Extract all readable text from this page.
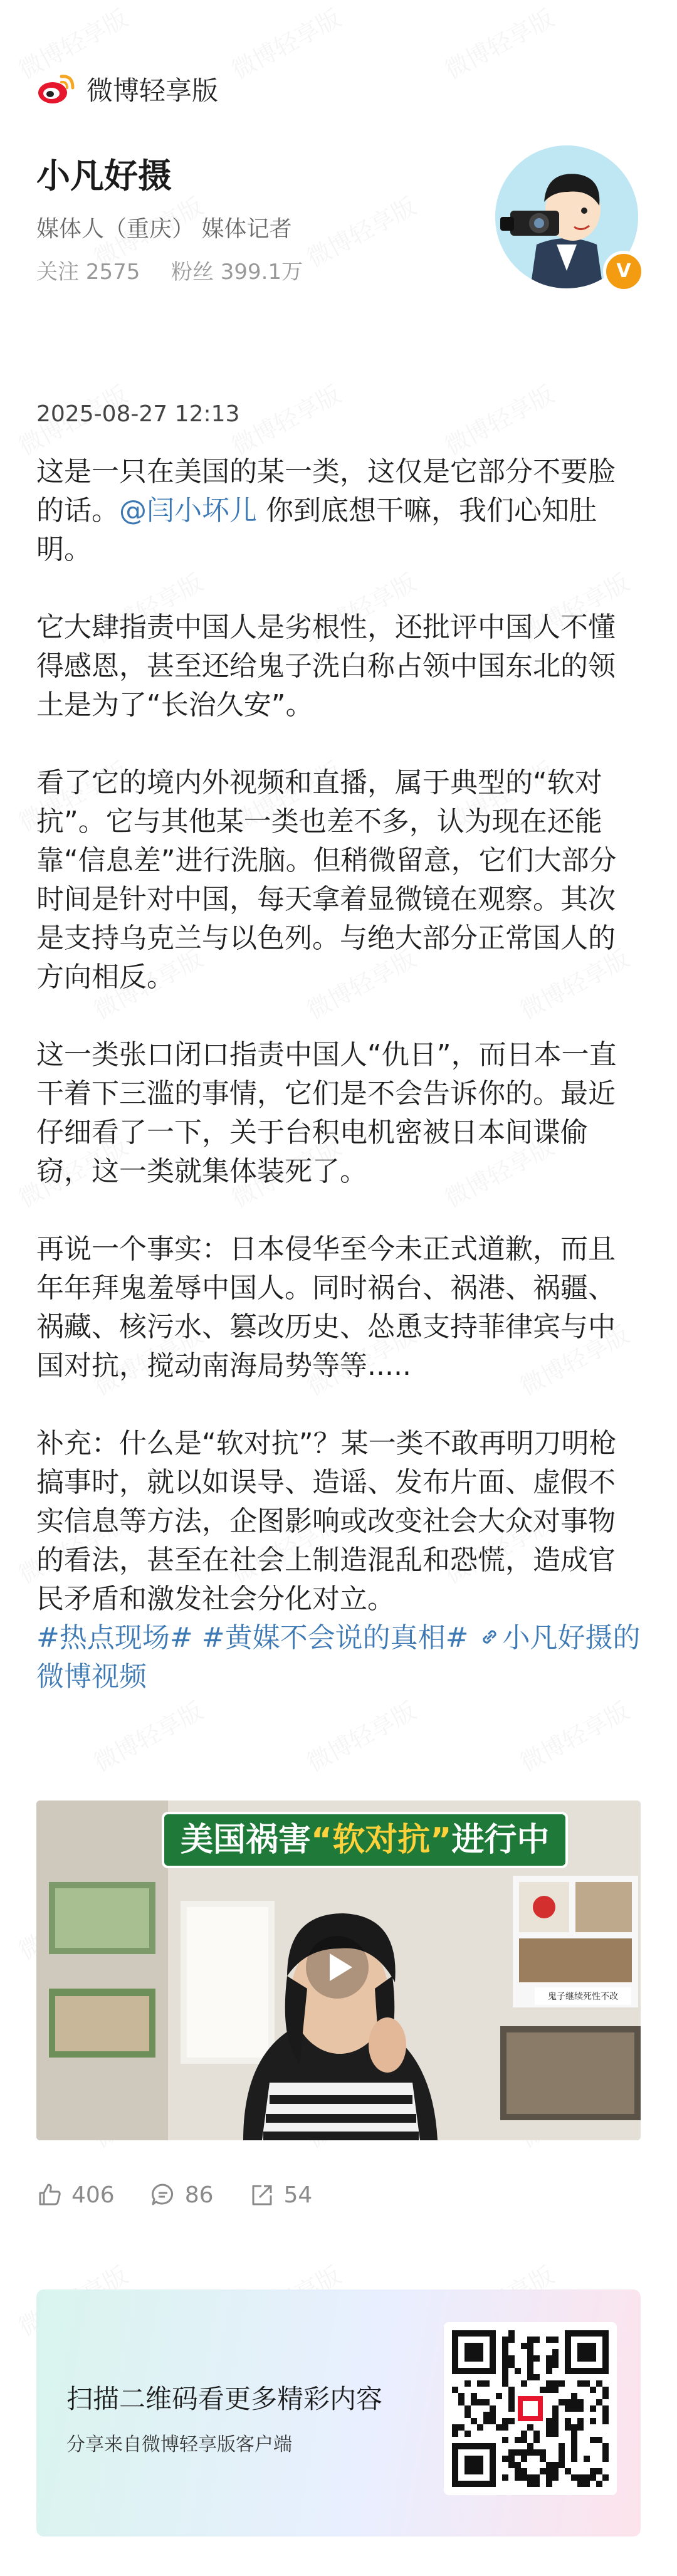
微博轻享版
小凡好摄
媒体人（重庆） 媒体记者
关注 2575 粉丝 399.1万	V
2025-08-27 12:13

这是一只在美国的某一类，这仅是它部分不要脸的话。@闫小坏儿 你到底想干嘛，我们心知肚明。

它大肆指责中国人是劣根性，还批评中国人不懂得感恩，甚至还给鬼子洗白称占领中国东北的领土是为了“长治久安”。

看了它的境内外视频和直播，属于典型的“软对抗”。它与其他某一类也差不多，认为现在还能靠“信息差”进行洗脑。但稍微留意，它们大部分时间是针对中国，每天拿着显微镜在观察。其次是支持乌克兰与以色列。与绝大部分正常国人的方向相反。

这一类张口闭口指责中国人“仇日”，而日本一直干着下三滥的事情，它们是不会告诉你的。最近仔细看了一下，关于台积电机密被日本间谍偷窃，这一类就集体装死了。

再说一个事实：日本侵华至今未正式道歉，而且年年拜鬼羞辱中国人。同时祸台、祸港、祸疆、祸藏、核污水、篡改历史、怂恿支持菲律宾与中国对抗，搅动南海局势等等.....

补充：什么是“软对抗”？某一类不敢再明刀明枪搞事时，就以如误导、造谣、发布片面、虚假不实信息等方法，企图影响或改变社会大众对事物的看法，甚至在社会上制造混乱和恐慌，造成官民矛盾和激发社会分化对立。

#热点现场# #黄媒不会说的真相# 小凡好摄的微博视频
美国祸害“软对抗”进行中
鬼子继续死性不改
406	86	54
扫描二维码看更多精彩内容
分享来自微博轻享版客户端
